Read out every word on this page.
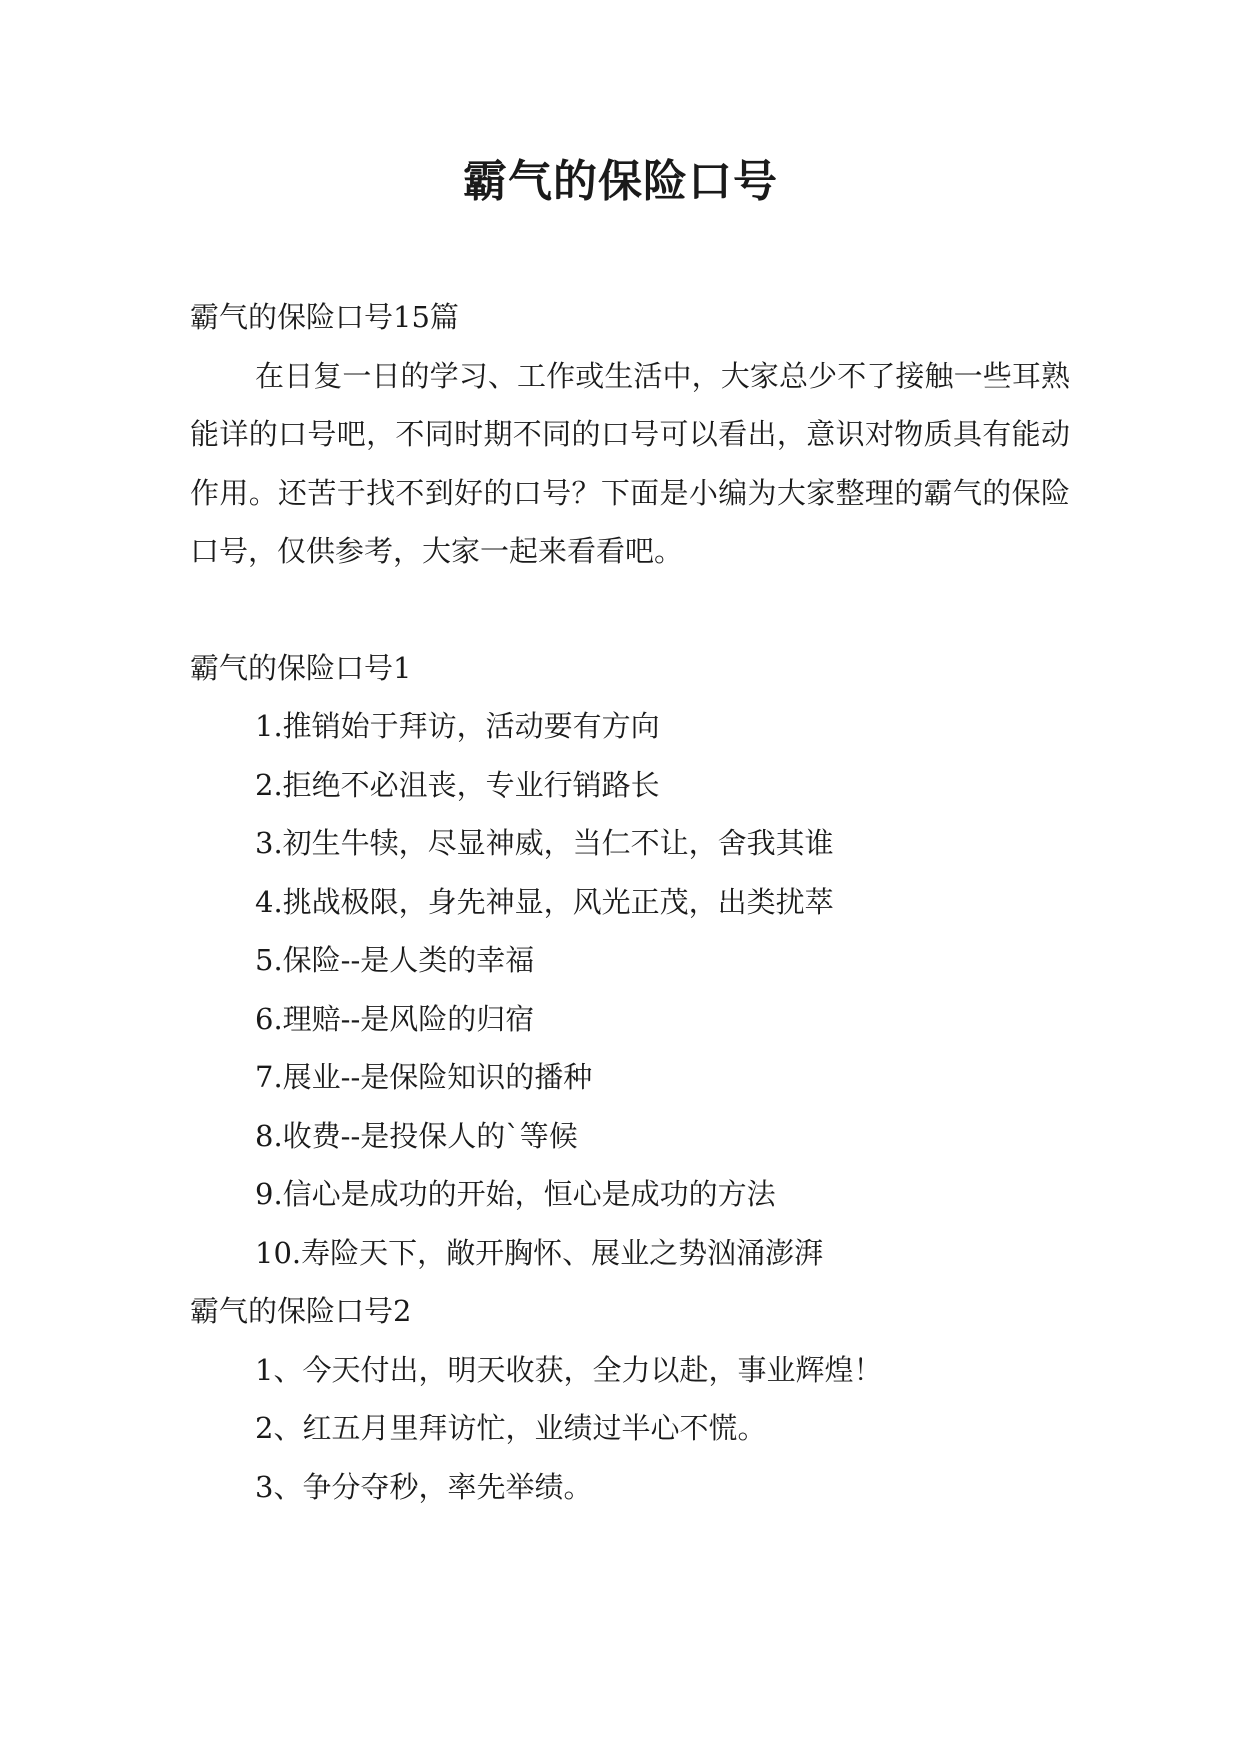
霸气的保险口号
霸气的保险口号15篇

在日复一日的学习、工作或生活中，大家总少不了接触一些耳熟能详的口号吧，不同时期不同的口号可以看出，意识对物质具有能动作用。还苦于找不到好的口号？下面是小编为大家整理的霸气的保险口号，仅供参考，大家一起来看看吧。

霸气的保险口号1
1.推销始于拜访，活动要有方向
2.拒绝不必沮丧，专业行销路长
3.初生牛犊，尽显神威，当仁不让，舍我其谁
4.挑战极限，身先神显，风光正茂，出类扰萃
5.保险--是人类的幸福
6.理赔--是风险的归宿
7.展业--是保险知识的播种
8.收费--是投保人的`等候
9.信心是成功的开始，恒心是成功的方法
10.寿险天下，敞开胸怀、展业之势汹涌澎湃
霸气的保险口号2
1、今天付出，明天收获，全力以赴，事业辉煌！
2、红五月里拜访忙，业绩过半心不慌。
3、争分夺秒，率先举绩。
